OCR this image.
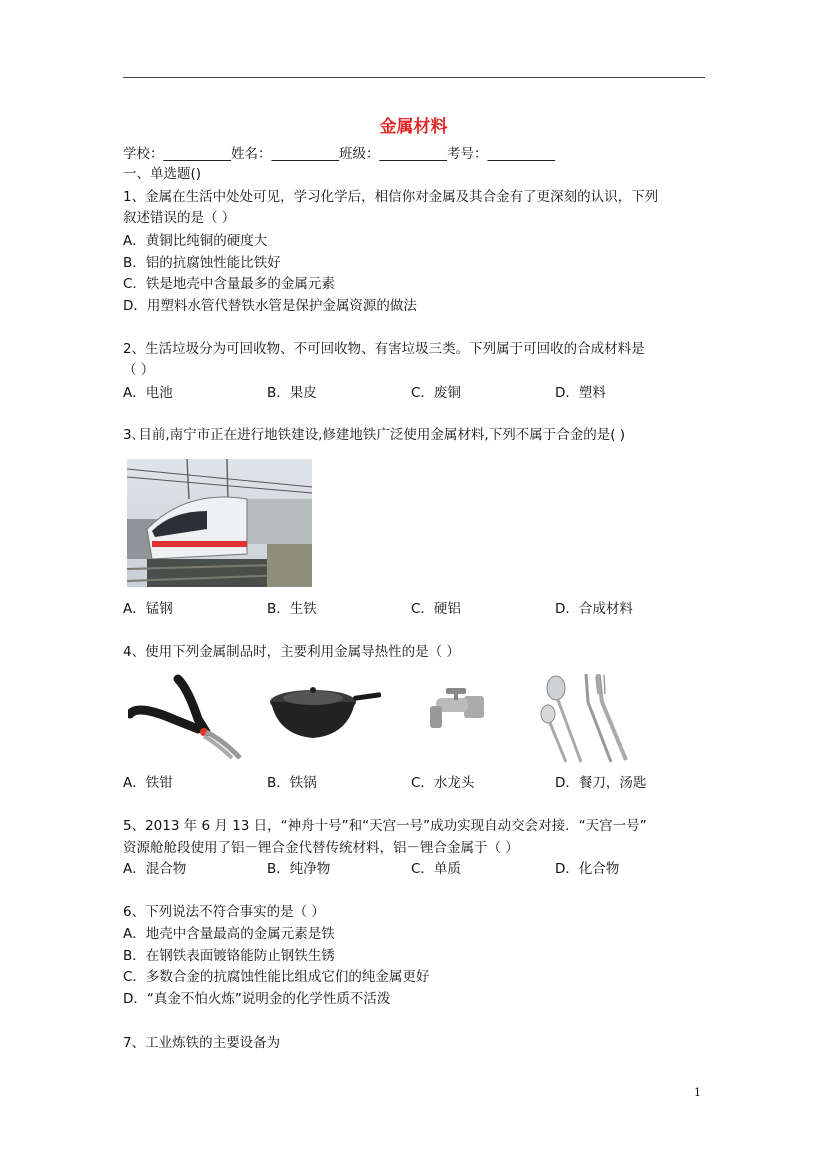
金属材料
学校：__________姓名：__________班级：__________考号：__________
一、单选题()
1、金属在生活中处处可见，学习化学后，相信你对金属及其合金有了更深刻的认识，下列
叙述错误的是（ ）
A．黄铜比纯铜的硬度大
B．铝的抗腐蚀性能比铁好
C．铁是地壳中含量最多的金属元素
D．用塑料水管代替铁水管是保护金属资源的做法
2、生活垃圾分为可回收物、不可回收物、有害垃圾三类。下列属于可回收的合成材料是
（ ）
A．电池	B．果皮	C．废铜	D．塑料
3､目前,南宁市正在进行地铁建设,修建地铁广泛使用金属材料,下列不属于合金的是( )
A．锰钢	B．生铁	C．硬铝	D．合成材料
4、使用下列金属制品时，主要利用金属导热性的是（ ）
A．铁钳	B．铁锅	C．水龙头	D．餐刀，汤匙
5、2013 年 6 月 13 日，“神舟十号”和“天宫一号”成功实现自动交会对接．“天宫一号”
资源舱舱段使用了铝－锂合金代替传统材料，铝－锂合金属于（ ）
A．混合物	B．纯净物	C．单质	D．化合物
6、下列说法不符合事实的是（ ）
A．地壳中含量最高的金属元素是铁
B．在钢铁表面镀铬能防止钢铁生锈
C．多数合金的抗腐蚀性能比组成它们的纯金属更好
D．“真金不怕火炼”说明金的化学性质不活泼
7、工业炼铁的主要设备为
1
